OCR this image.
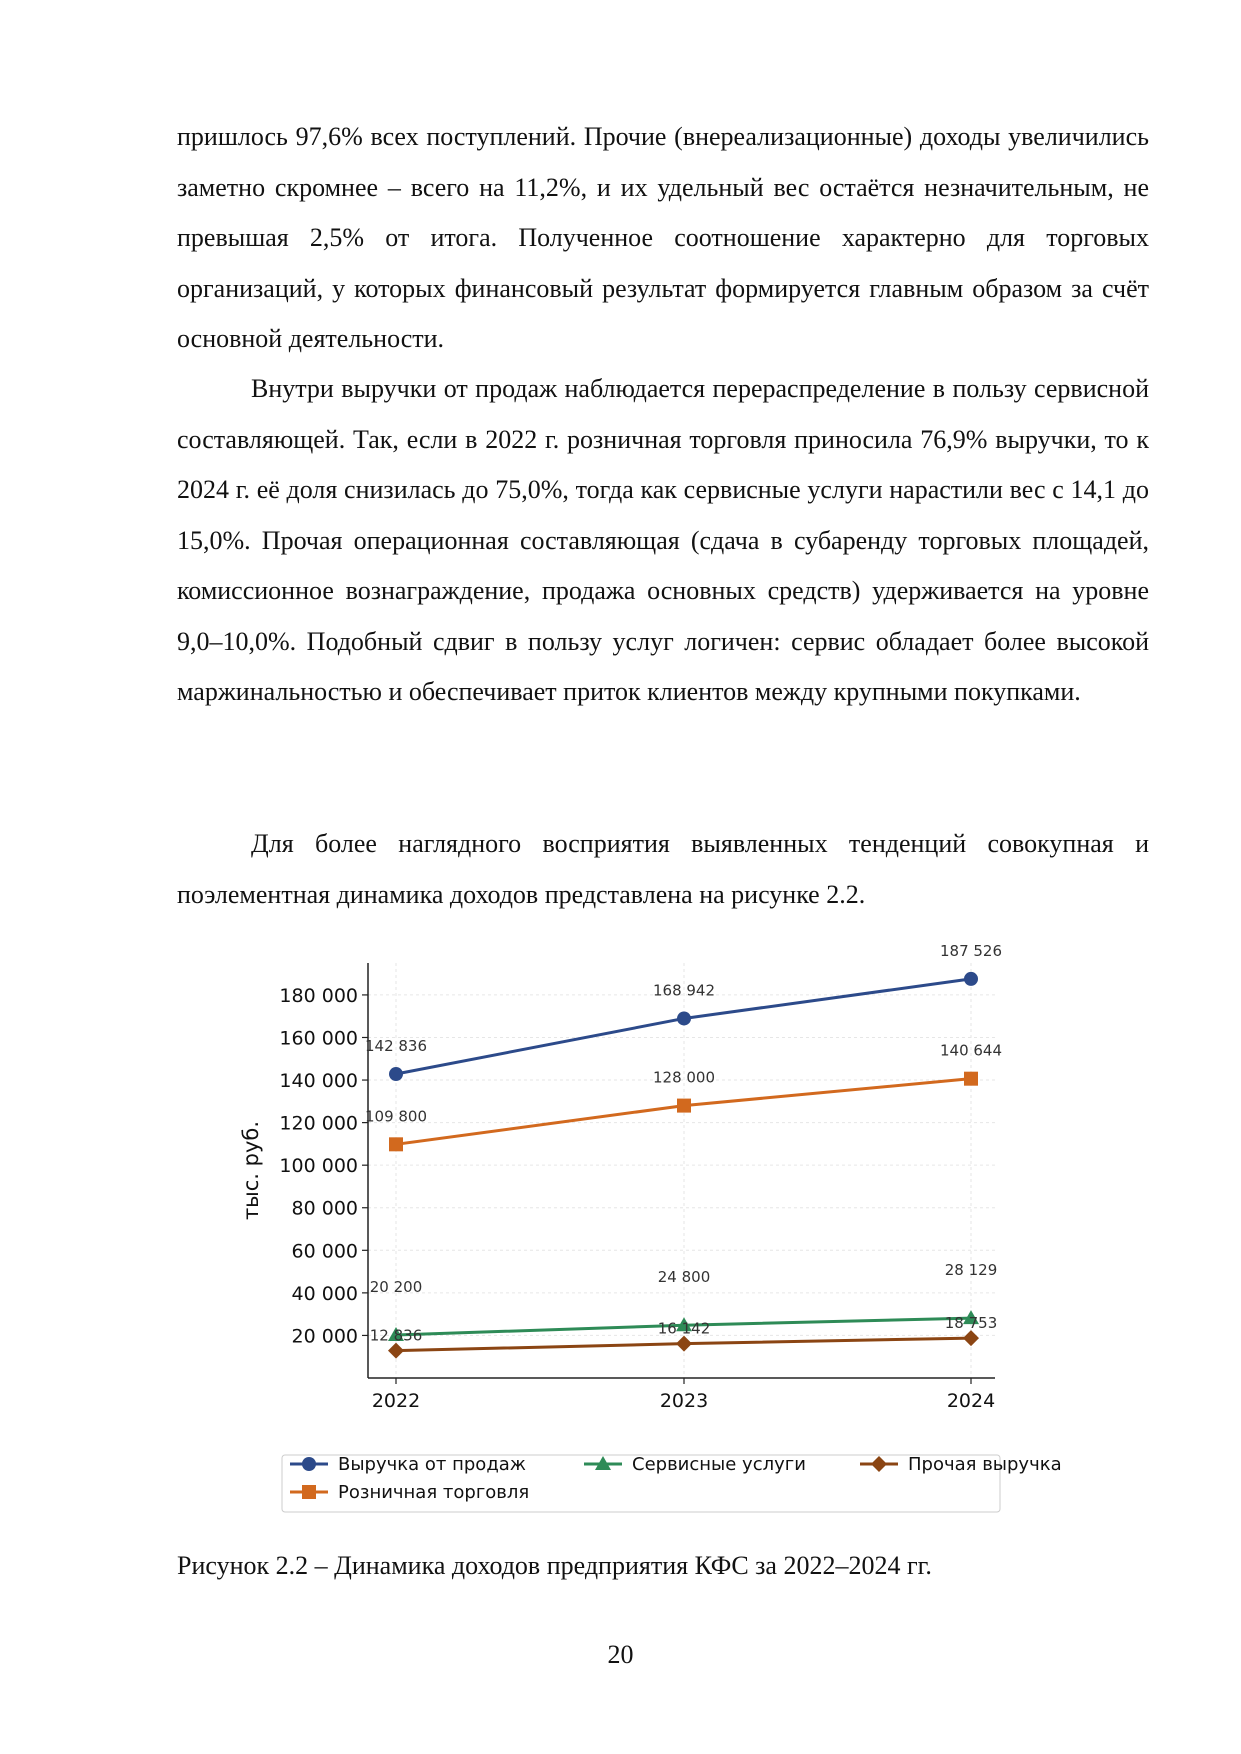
пришлось 97,6% всех поступлений. Прочие (внереализационные) доходы увеличились заметно скромнее – всего на 11,2%, и их удельный вес остаётся незначительным, не превышая 2,5% от итога. Полученное соотношение характерно для торговых организаций, у которых финансовый результат формируется главным образом за счёт основной деятельности.

Внутри выручки от продаж наблюдается перераспределение в пользу сервисной составляющей. Так, если в 2022 г. розничная торговля приносила 76,9% выручки, то к 2024 г. её доля снизилась до 75,0%, тогда как сервисные услуги нарастили вес с 14,1 до 15,0%. Прочая операционная составляющая (сдача в субаренду торговых площадей, комиссионное вознаграждение, продажа основных средств) удерживается на уровне 9,0–10,0%. Подобный сдвиг в пользу услуг логичен: сервис обладает более высокой маржинальностью и обеспечивает приток клиентов между крупными покупками.

Для более наглядного восприятия выявленных тенденций совокупная и поэлементная динамика доходов представлена на рисунке 2.2.

20 000
40 000
60 000
80 000
100 000
120 000
140 000
160 000
180 000
2022	2023	2024
тыс. руб.
142 836
168 942
187 526
109 800
128 000
140 644
20 200
24 800	28 129
12 836	16 142	18 753
Выручка от продаж
Розничная торговля
Сервисные услуги	Прочая выручка
Рисунок 2.2 – Динамика доходов предприятия КФС за 2022–2024 гг.
20
